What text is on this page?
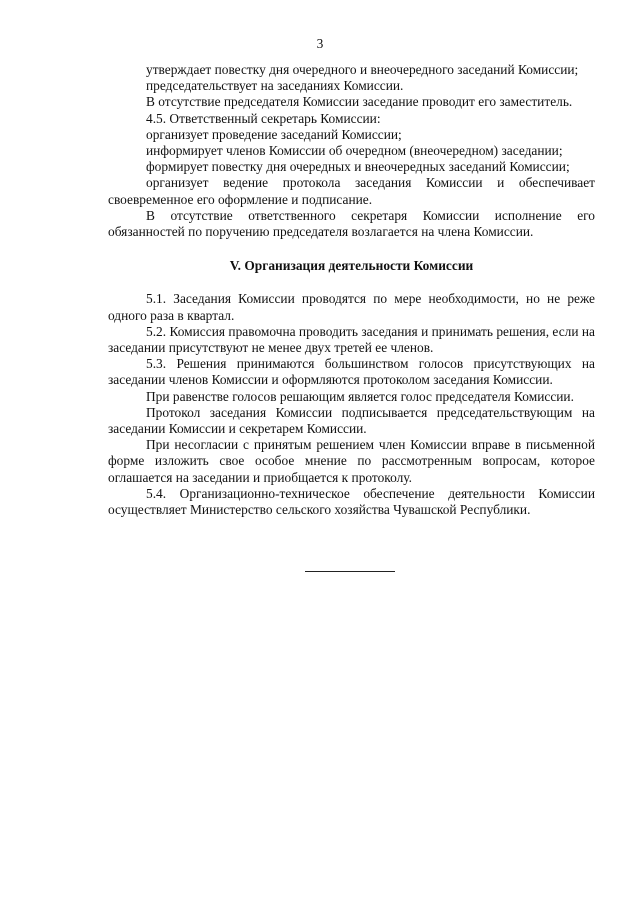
3

утверждает повестку дня очередного и внеочередного заседаний Комиссии;

председательствует на заседаниях Комиссии.

В отсутствие председателя Комиссии заседание проводит его заместитель.

4.5. Ответственный секретарь Комиссии:

организует проведение заседаний Комиссии;

информирует членов Комиссии об очередном (внеочередном) заседании;

формирует повестку дня очередных и внеочередных заседаний Комиссии;

организует ведение протокола заседания Комиссии и обеспечивает своевременное его оформление и подписание.

В отсутствие ответственного секретаря Комиссии исполнение его обязанностей по поручению председателя возлагается на члена Комиссии.

V. Организация деятельности Комиссии

5.1. Заседания Комиссии проводятся по мере необходимости, но не реже одного раза в квартал.

5.2. Комиссия правомочна проводить заседания и принимать решения, если на заседании присутствуют не менее двух третей ее членов.

5.3. Решения принимаются большинством голосов присутствующих на заседании членов Комиссии и оформляются протоколом заседания Комиссии.

При равенстве голосов решающим является голос председателя Комиссии.

Протокол заседания Комиссии подписывается председательствующим на заседании Комиссии и секретарем Комиссии.

При несогласии с принятым решением член Комиссии вправе в письменной форме изложить свое особое мнение по рассмотренным вопросам, которое оглашается на заседании и приобщается к протоколу.

5.4. Организационно-техническое обеспечение деятельности Комиссии осуществляет Министерство сельского хозяйства Чувашской Республики.
